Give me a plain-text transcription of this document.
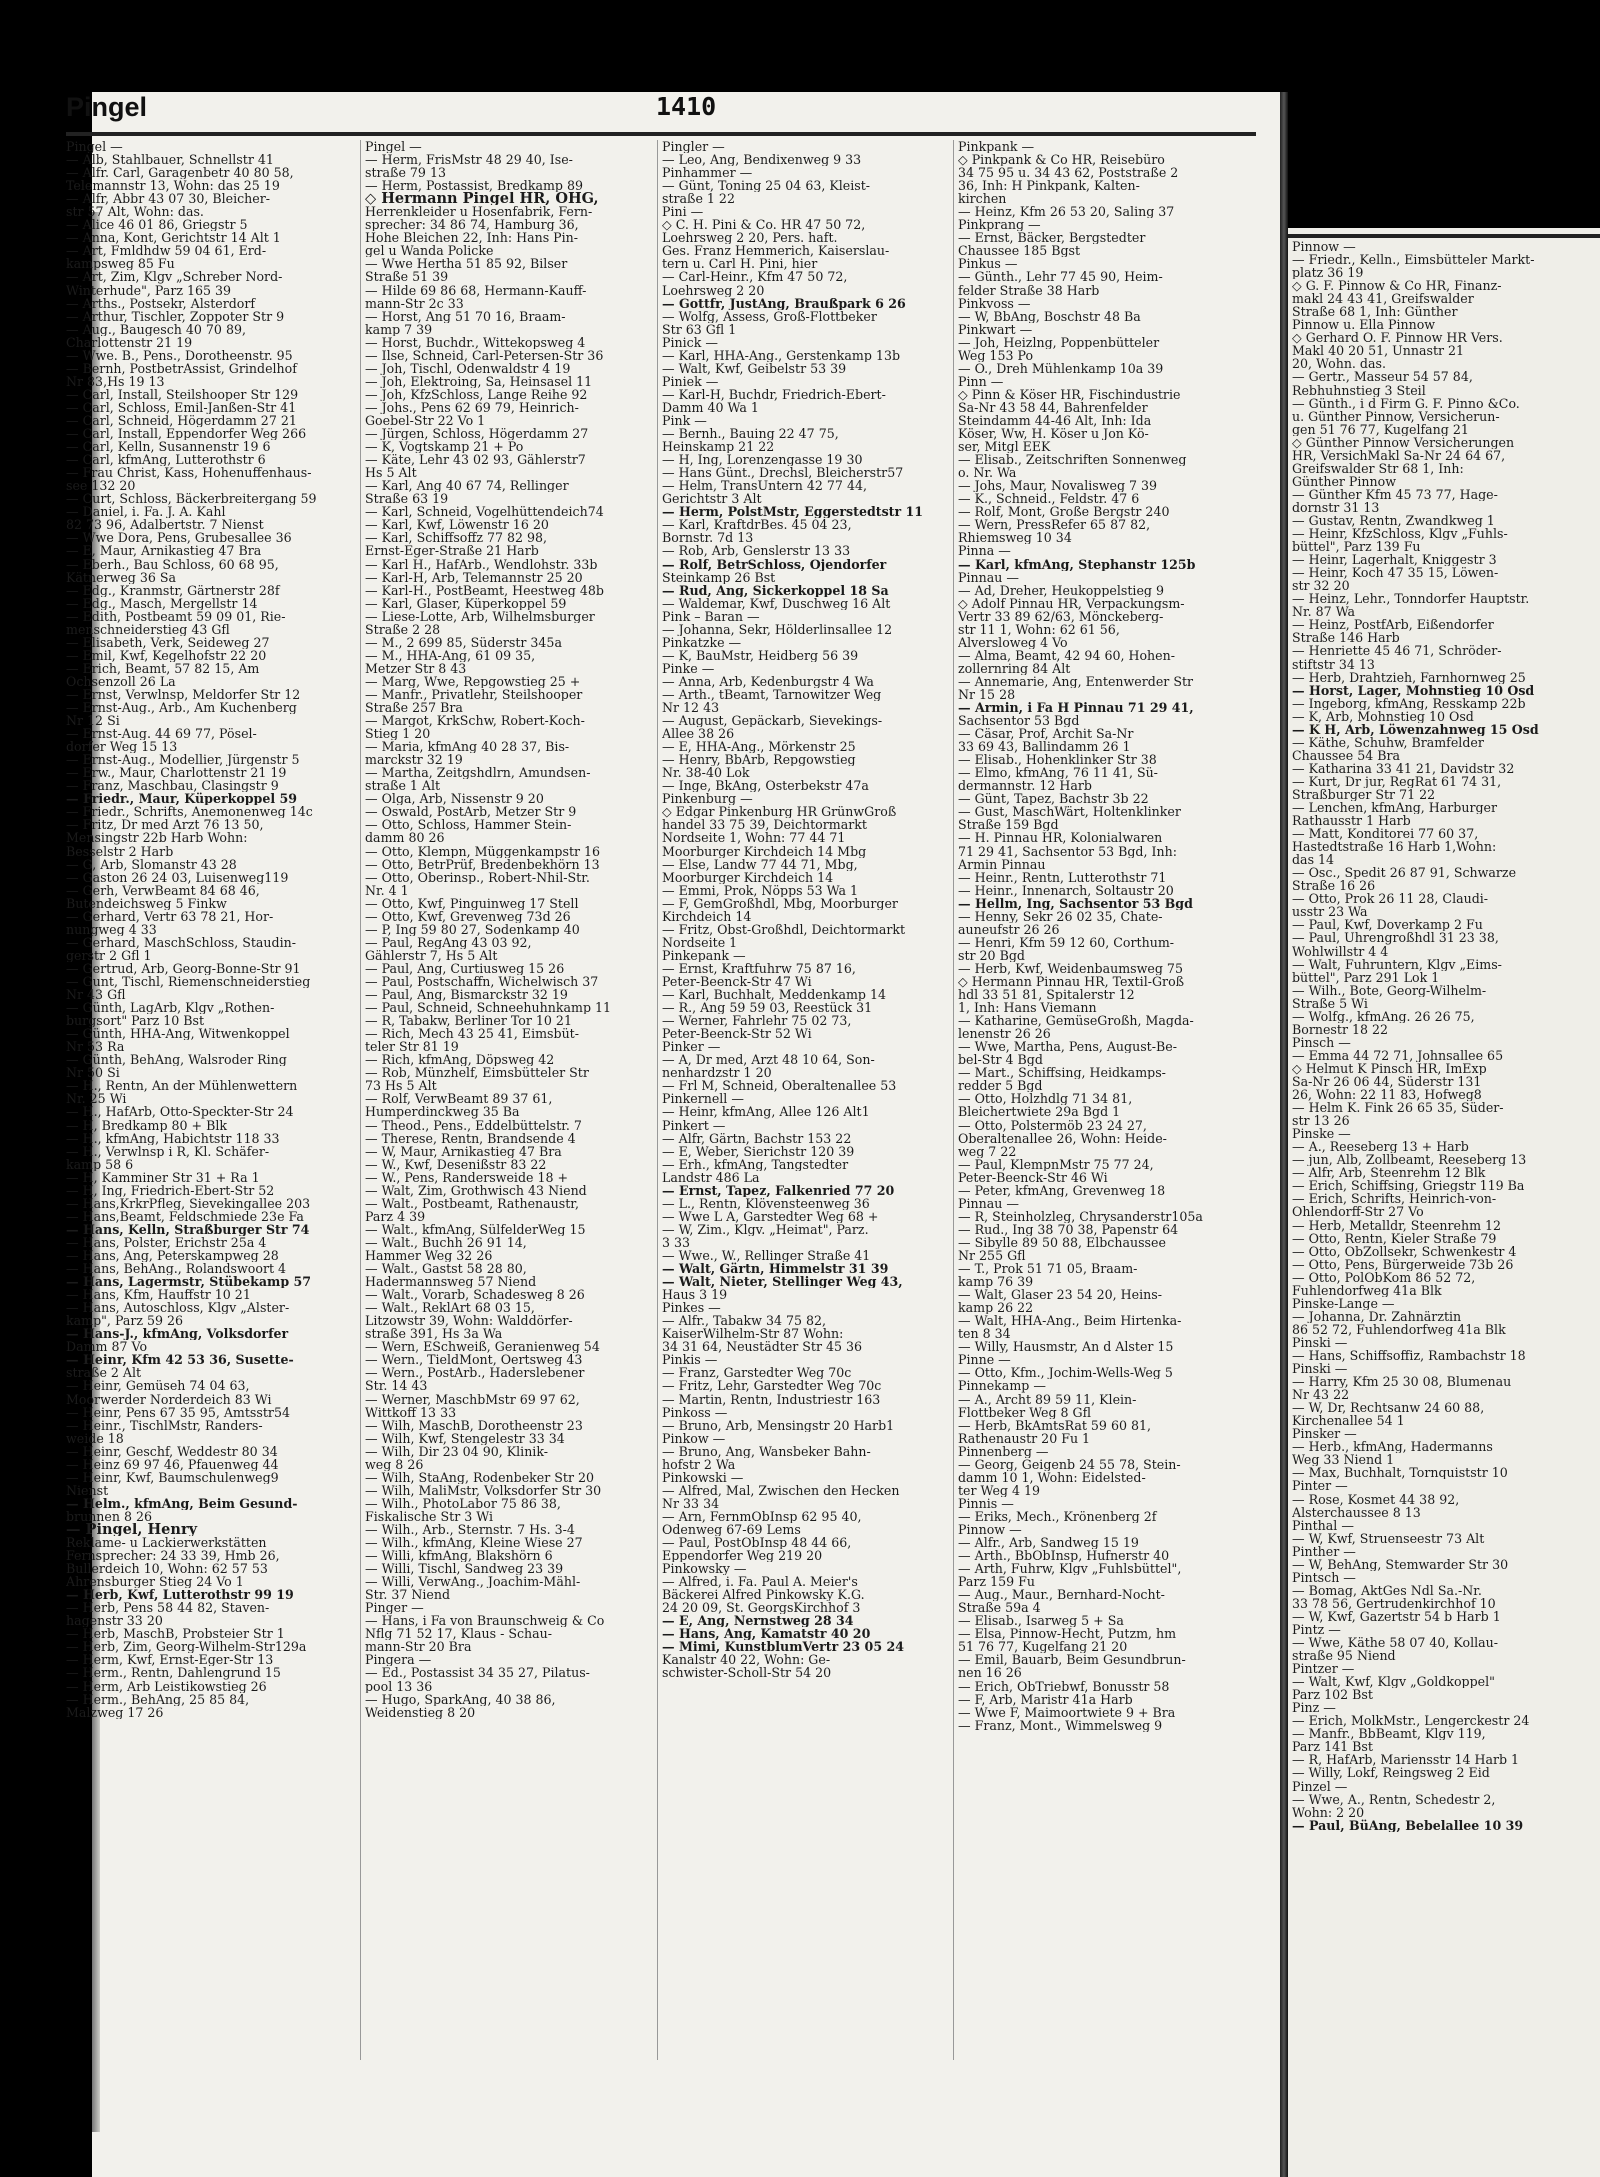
Pinnow —
— Friedr., Kelln., Eimsbütteler Markt-
platz 36 19
◇ G. F. Pinnow & Co HR, Finanz-
makl 24 43 41, Greifswalder
Straße 68 1, Inh: Günther
Pinnow u. Ella Pinnow
◇ Gerhard O. F. Pinnow HR Vers.
Makl 40 20 51, Unnastr 21
20, Wohn. das.
— Gertr., Masseur 54 57 84,
Rebhuhnstieg 3 Steil
— Günth., i d Firm G. F. Pinno &Co.
u. Günther Pinnow, Versicherun-
gen 51 76 77, Kugelfang 21
◇ Günther Pinnow Versicherungen
HR, VersichMakl Sa-Nr 24 64 67,
Greifswalder Str 68 1, Inh:
Günther Pinnow
— Günther Kfm 45 73 77, Hage-
dornstr 31 13
— Gustav, Rentn, Zwandkweg 1
— Heinr, KfzSchloss, Klgv „Fuhls-
büttel", Parz 139 Fu
— Heinr, Lagerhalt, Kniggestr 3
— Heinr, Koch 47 35 15, Löwen-
str 32 20
— Heinz, Lehr., Tonndorfer Hauptstr.
Nr. 87 Wa
— Heinz, PostfArb, Eißendorfer
Straße 146 Harb
— Henriette 45 46 71, Schröder-
stiftstr 34 13
— Herb, Drahtzieh, Farnhornweg 25
— Horst, Lager, Mohnstieg 10 Osd
— Ingeborg, kfmAng, Resskamp 22b
— K, Arb, Mohnstieg 10 Osd
— K H, Arb, Löwenzahnweg 15 Osd
— Käthe, Schuhw, Bramfelder
Chaussee 54 Bra
— Katharina 33 41 21, Davidstr 32
— Kurt, Dr jur, RegRat 61 74 31,
Straßburger Str 71 22
— Lenchen, kfmAng, Harburger
Rathausstr 1 Harb
— Matt, Konditorei 77 60 37,
Hastedtstraße 16 Harb 1,Wohn:
das 14
— Osc., Spedit 26 87 91, Schwarze
Straße 16 26
— Otto, Prok 26 11 28, Claudi-
usstr 23 Wa
— Paul, Kwf, Doverkamp 2 Fu
— Paul, Uhrengroßhdl 31 23 38,
Wohlwillstr 4 4
— Walt, Fuhruntern, Klgv „Eims-
büttel", Parz 291 Lok 1
— Wilh., Bote, Georg-Wilhelm-
Straße 5 Wi
— Wolfg., kfmAng. 26 26 75,
Bornestr 18 22
Pinsch —
— Emma 44 72 71, Johnsallee 65
◇ Helmut K Pinsch HR, ImExp
Sa-Nr 26 06 44, Süderstr 131
26, Wohn: 22 11 83, Hofweg8
— Helm K. Fink 26 65 35, Süder-
str 13 26
Pinske —
— A., Reeseberg 13 + Harb
— jun, Alb, Zollbeamt, Reeseberg 13
— Alfr, Arb, Steenrehm 12 Blk
— Erich, Schiffsing, Griegstr 119 Ba
— Erich, Schrifts, Heinrich-von-
Ohlendorff-Str 27 Vo
— Herb, Metalldr, Steenrehm 12
— Otto, Rentn, Kieler Straße 79
— Otto, ObZollsekr, Schwenkestr 4
— Otto, Pens, Bürgerweide 73b 26
— Otto, PolObKom 86 52 72,
Fuhlendorfweg 41a Blk
Pinske-Lange —
— Johanna, Dr. Zahnärztin
86 52 72, Fuhlendorfweg 41a Blk
Pinski —
— Hans, Schiffsoffiz, Rambachstr 18
Pinski —
— Harry, Kfm 25 30 08, Blumenau
Nr 43 22
— W, Dr, Rechtsanw 24 60 88,
Kirchenallee 54 1
Pinsker —
— Herb., kfmAng, Hadermanns
Weg 33 Niend 1
— Max, Buchhalt, Tornquiststr 10
Pinter —
— Rose, Kosmet 44 38 92,
Alsterchaussee 8 13
Pinthal —
— W, Kwf, Struenseestr 73 Alt
Pinther —
— W, BehAng, Stemwarder Str 30
Pintsch —
— Bomag, AktGes Ndl Sa.-Nr.
33 78 56, Gertrudenkirchhof 10
— W, Kwf, Gazertstr 54 b Harb 1
Pintz —
— Wwe, Käthe 58 07 40, Kollau-
straße 95 Niend
Pintzer —
— Walt, Kwf, Klgv „Goldkoppel"
Parz 102 Bst
Pinz —
— Erich, MolkMstr., Lengerckestr 24
— Manfr., BbBeamt, Klgv 119,
Parz 141 Bst
— R, HafArb, Mariensstr 14 Harb 1
— Willy, Lokf, Reingsweg 2 Eid
Pinzel —
— Wwe, A., Rentn, Schedestr 2,
Wohn: 2 20
— Paul, BüAng, Bebelallee 10 39
Pingel	1410
Pingel —
— Alb, Stahlbauer, Schnellstr 41
— Alfr. Carl, Garagenbetr 40 80 58,
Telemannstr 13, Wohn: das 25 19
— Alfr, Abbr 43 07 30, Bleicher-
str 57 Alt, Wohn: das.
— Alice 46 01 86, Griegstr 5
— Anna, Kont, Gerichtstr 14 Alt 1
— Art, Fmldhdw 59 04 61, Erd-
kampsweg 85 Fu
— Art, Zim, Klgv „Schreber Nord-
Winterhude", Parz 165 39
— Arths., Postsekr, Alsterdorf
— Arthur, Tischler, Zoppoter Str 9
— Aug., Baugesch 40 70 89,
Charlottenstr 21 19
— Wwe. B., Pens., Dorotheenstr. 95
— Bernh, PostbetrAssist, Grindelhof
Nr 83,Hs 19 13
— Carl, Install, Steilshooper Str 129
— Carl, Schloss, Emil-Janßen-Str 41
— Carl, Schneid, Högerdamm 27 21
— Carl, Install, Eppendorfer Weg 266
— Carl, Kelln, Susannenstr 19 6
— Carl, kfmAng, Lutterothstr 6
— Frau Christ, Kass, Hohenuffenhaus-
see 132 20
— Curt, Schloss, Bäckerbreitergang 59
— Daniel, i. Fa. J. A. Kahl
82 73 96, Adalbertstr. 7 Nienst
— Wwe Dora, Pens, Grubesallee 36
— E, Maur, Arnikastieg 47 Bra
— Eberh., Bau Schloss, 60 68 95,
Kätnerweg 36 Sa
— Edg., Kranmstr, Gärtnerstr 28f
— Edg., Masch, Mergellstr 14
— Edith, Postbeamt 59 09 01, Rie-
menschneiderstieg 43 Gfl
— Elisabeth, Verk, Seideweg 27
— Emil, Kwf, Kegelhofstr 22 20
— Erich, Beamt, 57 82 15, Am
Ochsenzoll 26 La
— Ernst, Verwlnsp, Meldorfer Str 12
— Ernst-Aug., Arb., Am Kuchenberg
Nr 12 Si
— Ernst-Aug. 44 69 77, Pösel-
dorfer Weg 15 13
— Ernst-Aug., Modellier, Jürgenstr 5
— Erw., Maur, Charlottenstr 21 19
— Franz, Maschbau, Clasingstr 9
— Friedr., Maur, Küperkoppel 59
— Friedr., Schrifts, Anemonenweg 14c
— Fritz, Dr med Arzt 76 13 50,
Mensingstr 22b Harb Wohn:
Besselstr 2 Harb
— G, Arb, Slomanstr 43 28
— Gaston 26 24 03, Luisenweg119
— Gerh, VerwBeamt 84 68 46,
Butendeichsweg 5 Finkw
— Gerhard, Vertr 63 78 21, Hor-
nungweg 4 33
— Gerhard, MaschSchloss, Staudin-
gerstr 2 Gfl 1
— Gertrud, Arb, Georg-Bonne-Str 91
— Gunt, Tischl, Riemenschneiderstieg
Nr 43 Gfl
— Günth, LagArb, Klgv „Rothen-
burgsort" Parz 10 Bst
— Günth, HHA-Ang, Witwenkoppel
Nr 53 Ra
— Günth, BehAng, Walsroder Ring
Nr 50 Si
— H., Rentn, An der Mühlenwettern
Nr. 25 Wi
— H., HafArb, Otto-Speckter-Str 24
— H, Bredkamp 80 + Blk
— H., kfmAng, Habichtstr 118 33
— H., Verwlnsp i R, Kl. Schäfer-
kamp 58 6
— H, Kamminer Str 31 + Ra 1
— H, Ing, Friedrich-Ebert-Str 52
— Hans,KrkrPfleg, Sievekingallee 203
— Hans,Beamt, Feldschmiede 23e Fa
— Hans, Kelln, Straßburger Str 74
— Hans, Polster, Erichstr 25a 4
— Hans, Ang, Peterskampweg 28
— Hans, BehAng., Rolandswoort 4
— Hans, Lagermstr, Stübekamp 57
— Hans, Kfm, Hauffstr 10 21
— Hans, Autoschloss, Klgv „Alster-
kamp", Parz 59 26
— Hans-J., kfmAng, Volksdorfer
Damm 87 Vo
— Heinr, Kfm 42 53 36, Susette-
straße 2 Alt
— Heinr, Gemüseh 74 04 63,
Moorwerder Norderdeich 83 Wi
— Heinr, Pens 67 35 95, Amtsstr54
— Heinr., TischlMstr, Randers-
weide 18
— Heinr, Geschf, Weddestr 80 34
— Heinz 69 97 46, Pfauenweg 44
— Heinr, Kwf, Baumschulenweg9
Nienst
— Helm., kfmAng, Beim Gesund-
brunnen 8 26
— Pingel, Henry
Reklame- u Lackierwerkstätten
Fernsprecher: 24 33 39, Hmb 26,
Bullerdeich 10, Wohn: 62 57 53
Ahrensburger Stieg 24 Vo 1
— Herb, Kwf, Lutterothstr 99 19
— Herb, Pens 58 44 82, Staven-
hagenstr 33 20
— Herb, MaschB, Probsteier Str 1
— Herb, Zim, Georg-Wilhelm-Str129a
— Herm, Kwf, Ernst-Eger-Str 13
— Herm., Rentn, Dahlengrund 15
— Herm, Arb Leistikowstieg 26
— Herm., BehAng, 25 85 84,
Malzweg 17 26
Pingel —
— Herm, FrisMstr 48 29 40, Ise-
straße 79 13
— Herm, Postassist, Bredkamp 89
◇ Hermann Pingel HR, OHG,
Herrenkleider u Hosenfabrik, Fern-
sprecher: 34 86 74, Hamburg 36,
Hohe Bleichen 22, Inh: Hans Pin-
gel u Wanda Policke
— Wwe Hertha 51 85 92, Bilser
Straße 51 39
— Hilde 69 86 68, Hermann-Kauff-
mann-Str 2c 33
— Horst, Ang 51 70 16, Braam-
kamp 7 39
— Horst, Buchdr., Wittekopsweg 4
— Ilse, Schneid, Carl-Petersen-Str 36
— Joh, Tischl, Odenwaldstr 4 19
— Joh, Elektroing, Sa, Heinsasel 11
— Joh, KfzSchloss, Lange Reihe 92
— Johs., Pens 62 69 79, Heinrich-
Goebel-Str 22 Vo 1
— Jürgen, Schloss, Högerdamm 27
— K, Vogtskamp 21 + Po
— Käte, Lehr 43 02 93, Gählerstr7
Hs 5 Alt
— Karl, Ang 40 67 74, Rellinger
Straße 63 19
— Karl, Schneid, Vogelhüttendeich74
— Karl, Kwf, Löwenstr 16 20
— Karl, Schiffsoffz 77 82 98,
Ernst-Eger-Straße 21 Harb
— Karl H., HafArb., Wendlohstr. 33b
— Karl-H, Arb, Telemannstr 25 20
— Karl-H., PostBeamt, Heestweg 48b
— Karl, Glaser, Küperkoppel 59
— Liese-Lotte, Arb, Wilhelmsburger
Straße 2 28
— M., 2 699 85, Süderstr 345a
— M., HHA-Ang, 61 09 35,
Metzer Str 8 43
— Marg, Wwe, Repgowstieg 25 +
— Manfr., Privatlehr, Steilshooper
Straße 257 Bra
— Margot, KrkSchw, Robert-Koch-
Stieg 1 20
— Maria, kfmAng 40 28 37, Bis-
marckstr 32 19
— Martha, Zeitgshdlrn, Amundsen-
straße 1 Alt
— Olga, Arb, Nissenstr 9 20
— Oswald, PostArb, Metzer Str 9
— Otto, Schloss, Hammer Stein-
damm 80 26
— Otto, Klempn, Müggenkampstr 16
— Otto, BetrPrüf, Bredenbekhörn 13
— Otto, Oberinsp., Robert-Nhil-Str.
Nr. 4 1
— Otto, Kwf, Pinguinweg 17 Stell
— Otto, Kwf, Grevenweg 73d 26
— P, Ing 59 80 27, Sodenkamp 40
— Paul, RegAng 43 03 92,
Gählerstr 7, Hs 5 Alt
— Paul, Ang, Curtiusweg 15 26
— Paul, Postschaffn, Wichelwisch 37
— Paul, Ang, Bismarckstr 32 19
— Paul, Schneid, Schneehuhnkamp 11
— R, Tabakw, Berliner Tor 10 21
— Rich, Mech 43 25 41, Eimsbüt-
teler Str 81 19
— Rich, kfmAng, Döpsweg 42
— Rob, Münzhelf, Eimsbütteler Str
73 Hs 5 Alt
— Rolf, VerwBeamt 89 37 61,
Humperdinckweg 35 Ba
— Theod., Pens., Eddelbüttelstr. 7
— Therese, Rentn, Brandsende 4
— W, Maur, Arnikastieg 47 Bra
— W., Kwf, Desenißstr 83 22
— W., Pens, Randersweide 18 +
— Walt, Zim, Grothwisch 43 Niend
— Walt., Postbeamt, Rathenaustr,
Parz 4 39
— Walt., kfmAng, SülfelderWeg 15
— Walt., Buchh 26 91 14,
Hammer Weg 32 26
— Walt., Gastst 58 28 80,
Hadermannsweg 57 Niend
— Walt., Vorarb, Schadesweg 8 26
— Walt., ReklArt 68 03 15,
Litzowstr 39, Wohn: Walddörfer-
straße 391, Hs 3a Wa
— Wern, ESchweiß, Geranienweg 54
— Wern., TieldMont, Oertsweg 43
— Wern., PostArb., Haderslebener
Str. 14 43
— Werner, MaschbMstr 69 97 62,
Wittkoff 13 33
— Wilh, MaschB, Dorotheenstr 23
— Wilh, Kwf, Stengelestr 33 34
— Wilh, Dir 23 04 90, Klinik-
weg 8 26
— Wilh, StaAng, Rodenbeker Str 20
— Wilh, MaliMstr, Volksdorfer Str 30
— Wilh., PhotoLabor 75 86 38,
Fiskalische Str 3 Wi
— Wilh., Arb., Sternstr. 7 Hs. 3-4
— Wilh., kfmAng, Kleine Wiese 27
— Willi, kfmAng, Blakshörn 6
— Willi, Tischl, Sandweg 23 39
— Willi, VerwAng., Joachim-Mähl-
Str. 37 Niend
Pinger —
— Hans, i Fa von Braunschweig & Co
Nflg 71 52 17, Klaus - Schau-
mann-Str 20 Bra
Pingera —
— Ed., Postassist 34 35 27, Pilatus-
pool 13 36
— Hugo, SparkAng, 40 38 86,
Weidenstieg 8 20
Pingler —
— Leo, Ang, Bendixenweg 9 33
Pinhammer —
— Günt, Toning 25 04 63, Kleist-
straße 1 22
Pini —
◇ C. H. Pini & Co. HR 47 50 72,
Loehrsweg 2 20, Pers. haft.
Ges. Franz Hemmerich, Kaiserslau-
tern u. Carl H. Pini, hier
— Carl-Heinr., Kfm 47 50 72,
Loehrsweg 2 20
— Gottfr, JustAng, Braußpark 6 26
— Wolfg, Assess, Groß-Flottbeker
Str 63 Gfl 1
Pinick —
— Karl, HHA-Ang., Gerstenkamp 13b
— Walt, Kwf, Geibelstr 53 39
Piniek —
— Karl-H, Buchdr, Friedrich-Ebert-
Damm 40 Wa 1
Pink —
— Bernh., Bauing 22 47 75,
Heinskamp 21 22
— H, Ing, Lorenzengasse 19 30
— Hans Günt., Drechsl, Bleicherstr57
— Helm, TransUntern 42 77 44,
Gerichtstr 3 Alt
— Herm, PolstMstr, Eggerstedtstr 11
— Karl, KraftdrBes. 45 04 23,
Bornstr. 7d 13
— Rob, Arb, Genslerstr 13 33
— Rolf, BetrSchloss, Ojendorfer
Steinkamp 26 Bst
— Rud, Ang, Sickerkoppel 18 Sa
— Waldemar, Kwf, Duschweg 16 Alt
Pink – Baran —
— Johanna, Sekr, Hölderlinsallee 12
Pinkatzke —
— K, BauMstr, Heidberg 56 39
Pinke —
— Anna, Arb, Kedenburgstr 4 Wa
— Arth., tBeamt, Tarnowitzer Weg
Nr 12 43
— August, Gepäckarb, Sievekings-
Allee 38 26
— E, HHA-Ang., Mörkenstr 25
— Henry, BbArb, Repgowstieg
Nr. 38-40 Lok
— Inge, BkAng, Osterbekstr 47a
Pinkenburg —
◇ Edgar Pinkenburg HR GrünwGroß
handel 33 75 39, Deichtormarkt
Nordseite 1, Wohn: 77 44 71
Moorburger Kirchdeich 14 Mbg
— Else, Landw 77 44 71, Mbg,
Moorburger Kirchdeich 14
— Emmi, Prok, Nöpps 53 Wa 1
— F, GemGroßhdl, Mbg, Moorburger
Kirchdeich 14
— Fritz, Obst-Großhdl, Deichtormarkt
Nordseite 1
Pinkepank —
— Ernst, Kraftfuhrw 75 87 16,
Peter-Beenck-Str 47 Wi
— Karl, Buchhalt, Meddenkamp 14
— R., Ang 59 59 03, Reestück 31
— Werner, Fahrlehr 75 02 73,
Peter-Beenck-Str 52 Wi
Pinker —
— A, Dr med, Arzt 48 10 64, Son-
nenhardzstr 1 20
— Frl M, Schneid, Oberaltenallee 53
Pinkernell —
— Heinr, kfmAng, Allee 126 Alt1
Pinkert —
— Alfr, Gärtn, Bachstr 153 22
— E, Weber, Sierichstr 120 39
— Erh., kfmAng, Tangstedter
Landstr 486 La
— Ernst, Tapez, Falkenried 77 20
— L., Rentn, Klövensteenweg 36
— Wwe L A, Garstedter Weg 68 +
— W, Zim., Klgv. „Heimat", Parz.
3 33
— Wwe., W., Rellinger Straße 41
— Walt, Gärtn, Himmelstr 31 39
— Walt, Nieter, Stellinger Weg 43,
Haus 3 19
Pinkes —
— Alfr., Tabakw 34 75 82,
KaiserWilhelm-Str 87 Wohn:
34 31 64, Neustädter Str 45 36
Pinkis —
— Franz, Garstedter Weg 70c
— Fritz, Lehr, Garstedter Weg 70c
— Martin, Rentn, Industriestr 163
Pinkoss —
— Bruno, Arb, Mensingstr 20 Harb1
Pinkow —
— Bruno, Ang, Wansbeker Bahn-
hofstr 2 Wa
Pinkowski —
— Alfred, Mal, Zwischen den Hecken
Nr 33 34
— Arn, FernmObInsp 62 95 40,
Odenweg 67-69 Lems
— Paul, PostObInsp 48 44 66,
Eppendorfer Weg 219 20
Pinkowsky —
— Alfred, i. Fa. Paul A. Meier's
Bäckerei Alfred Pinkowsky K.G.
24 20 09, St. GeorgsKirchhof 3
— E, Ang, Nernstweg 28 34
— Hans, Ang, Kamatstr 40 20
— Mimi, KunstblumVertr 23 05 24
Kanalstr 40 22, Wohn: Ge-
schwister-Scholl-Str 54 20
Pinkpank —
◇ Pinkpank & Co HR, Reisebüro
34 75 95 u. 34 43 62, Poststraße 2
36, Inh: H Pinkpank, Kalten-
kirchen
— Heinz, Kfm 26 53 20, Saling 37
Pinkprang —
— Ernst, Bäcker, Bergstedter
Chaussee 185 Bgst
Pinkus —
— Günth., Lehr 77 45 90, Heim-
felder Straße 38 Harb
Pinkvoss —
— W, BbAng, Boschstr 48 Ba
Pinkwart —
— Joh, Heizlng, Poppenbütteler
Weg 153 Po
— O., Dreh Mühlenkamp 10a 39
Pinn —
◇ Pinn & Köser HR, Fischindustrie
Sa-Nr 43 58 44, Bahrenfelder
Steindamm 44-46 Alt, Inh: Ida
Köser, Ww, H. Köser u Jon Kö-
ser, Mitgl EEK
— Elisab., Zeitschriften Sonnenweg
o. Nr. Wa
— Johs, Maur, Novalisweg 7 39
— K., Schneid., Feldstr. 47 6
— Rolf, Mont, Große Bergstr 240
— Wern, PressRefer 65 87 82,
Rhiemsweg 10 34
Pinna —
— Karl, kfmAng, Stephanstr 125b
Pinnau —
— Ad, Dreher, Heukoppelstieg 9
◇ Adolf Pinnau HR, Verpackungsm-
Vertr 33 89 62/63, Mönckeberg-
str 11 1, Wohn: 62 61 56,
Alversloweg 4 Vo
— Alma, Beamt, 42 94 60, Hohen-
zollernring 84 Alt
— Annemarie, Ang, Entenwerder Str
Nr 15 28
— Armin, i Fa H Pinnau 71 29 41,
Sachsentor 53 Bgd
— Cäsar, Prof, Archit Sa-Nr
33 69 43, Ballindamm 26 1
— Elisab., Hohenklinker Str 38
— Elmo, kfmAng, 76 11 41, Sü-
dermannstr. 12 Harb
— Günt, Tapez, Bachstr 3b 22
— Gust, MaschWärt, Holtenklinker
Straße 159 Bgd
— H. Pinnau HR, Kolonialwaren
71 29 41, Sachsentor 53 Bgd, Inh:
Armin Pinnau
— Heinr., Rentn, Lutterothstr 71
— Heinr., Innenarch, Soltaustr 20
— Hellm, Ing, Sachsentor 53 Bgd
— Henny, Sekr 26 02 35, Chate-
auneufstr 26 26
— Henri, Kfm 59 12 60, Corthum-
str 20 Bgd
— Herb, Kwf, Weidenbaumsweg 75
◇ Hermann Pinnau HR, Textil-Groß
hdl 33 51 81, Spitalerstr 12
1, Inh: Hans Viemann
— Katharine, GemüseGroßh, Magda-
lenenstr 26 26
— Wwe, Martha, Pens, August-Be-
bel-Str 4 Bgd
— Mart., Schiffsing, Heidkamps-
redder 5 Bgd
— Otto, Holzhdlg 71 34 81,
Bleichertwiete 29a Bgd 1
— Otto, Polstermöb 23 24 27,
Oberaltenallee 26, Wohn: Heide-
weg 7 22
— Paul, KlempnMstr 75 77 24,
Peter-Beenck-Str 46 Wi
— Peter, kfmAng, Grevenweg 18
Pinnau —
— R, Steinholzleg, Chrysanderstr105a
— Rud., Ing 38 70 38, Papenstr 64
— Sibylle 89 50 88, Elbchaussee
Nr 255 Gfl
— T., Prok 51 71 05, Braam-
kamp 76 39
— Walt, Glaser 23 54 20, Heins-
kamp 26 22
— Walt, HHA-Ang., Beim Hirtenka-
ten 8 34
— Willy, Hausmstr, An d Alster 15
Pinne —
— Otto, Kfm., Jochim-Wells-Weg 5
Pinnekamp —
— A., Archt 89 59 11, Klein-
Flottbeker Weg 8 Gfl
— Herb, BkAmtsRat 59 60 81,
Rathenaustr 20 Fu 1
Pinnenberg —
— Georg, Geigenb 24 55 78, Stein-
damm 10 1, Wohn: Eidelsted-
ter Weg 4 19
Pinnis —
— Eriks, Mech., Krönenberg 2f
Pinnow —
— Alfr., Arb, Sandweg 15 19
— Arth., BbObInsp, Hufnerstr 40
— Arth, Fuhrw, Klgv „Fuhlsbüttel",
Parz 159 Fu
— Aug., Maur., Bernhard-Nocht-
Straße 59a 4
— Elisab., Isarweg 5 + Sa
— Elsa, Pinnow-Hecht, Putzm, hm
51 76 77, Kugelfang 21 20
— Emil, Bauarb, Beim Gesundbrun-
nen 16 26
— Erich, ObTriebwf, Bonusstr 58
— F, Arb, Maristr 41a Harb
— Wwe F, Maimoortwiete 9 + Bra
— Franz, Mont., Wimmelsweg 9
